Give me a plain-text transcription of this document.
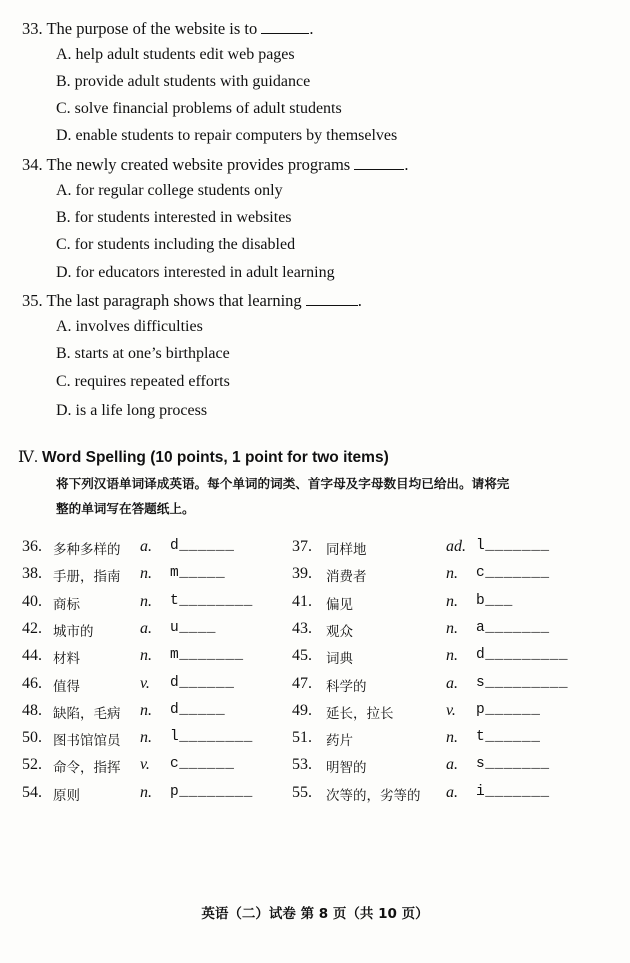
33. The purpose of the website is to	.
A. help adult students edit web pages
B. provide adult students with guidance
C. solve financial problems of adult students
D. enable students to repair computers by themselves
34. The newly created website provides programs	.
A. for regular college students only
B. for students interested in websites
C. for students including the disabled
D. for educators interested in adult learning
35. The last paragraph shows that learning	.
A. involves difficulties
B. starts at one’s birthplace
C. requires repeated efforts
D. is a life long process
Ⅳ. Word Spelling (10 points, 1 point for two items)
将下列汉语单词译成英语。每个单词的词类、首字母及字母数目均已给出。请将完
整的单词写在答题纸上。
36. 多种多样的 a. d______	37. 同样地	ad. l_______
38. 手册，指南 n. m_____	39. 消费者	n. c_______
40. 商标	n. t________ 41. 偏见	n. b___
42. 城市的	a. u____	43. 观众	n. a_______
44. 材料	n. m_______	45. 词典	n. d_________
46. 值得	v. d______	47. 科学的	a. s_________
48. 缺陷，毛病 n. d_____	49. 延长，拉长	v. p______
50. 图书馆馆员 n. l________ 51. 药片	n. t______
52. 命令，指挥 v. c______	53. 明智的	a. s_______
54. 原则	n. p________ 55. 次等的，劣等的 a. i_______
英语（二）试卷 第 8 页（共 10 页）
